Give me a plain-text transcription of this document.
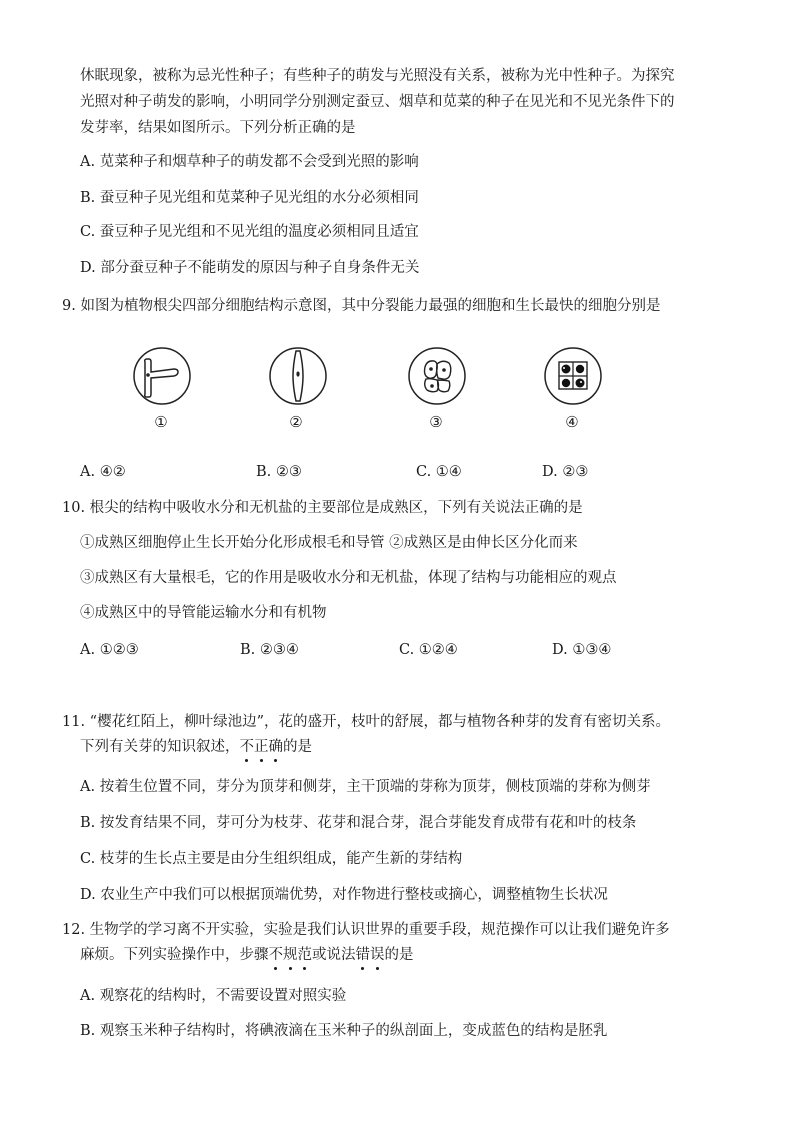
休眠现象，被称为忌光性种子；有些种子的萌发与光照没有关系，被称为光中性种子。为探究
光照对种子萌发的影响，小明同学分别测定蚕豆、烟草和苋菜的种子在见光和不见光条件下的
发芽率，结果如图所示。下列分析正确的是
A. 苋菜种子和烟草种子的萌发都不会受到光照的影响
B. 蚕豆种子见光组和苋菜种子见光组的水分必须相同
C. 蚕豆种子见光组和不见光组的温度必须相同且适宜
D. 部分蚕豆种子不能萌发的原因与种子自身条件无关
9. 如图为植物根尖四部分细胞结构示意图，其中分裂能力最强的细胞和生长最快的细胞分别是
①	②	③	④
A. ④②	B. ②③	C. ①④	D. ②③
10. 根尖的结构中吸收水分和无机盐的主要部位是成熟区，下列有关说法正确的是
①成熟区细胞停止生长开始分化形成根毛和导管 ②成熟区是由伸长区分化而来
③成熟区有大量根毛，它的作用是吸收水分和无机盐，体现了结构与功能相应的观点
④成熟区中的导管能运输水分和有机物
A. ①②③	B. ②③④	C. ①②④	D. ①③④
11. “樱花红陌上，柳叶绿池边”，花的盛开，枝叶的舒展，都与植物各种芽的发育有密切关系。
下列有关芽的知识叙述，不正确的是
A. 按着生位置不同，芽分为顶芽和侧芽，主干顶端的芽称为顶芽，侧枝顶端的芽称为侧芽
B. 按发育结果不同，芽可分为枝芽、花芽和混合芽，混合芽能发育成带有花和叶的枝条
C. 枝芽的生长点主要是由分生组织组成，能产生新的芽结构
D. 农业生产中我们可以根据顶端优势，对作物进行整枝或摘心，调整植物生长状况
12. 生物学的学习离不开实验，实验是我们认识世界的重要手段，规范操作可以让我们避免许多
麻烦。下列实验操作中，步骤不规范或说法错误的是
A. 观察花的结构时，不需要设置对照实验
B. 观察玉米种子结构时，将碘液滴在玉米种子的纵剖面上，变成蓝色的结构是胚乳
